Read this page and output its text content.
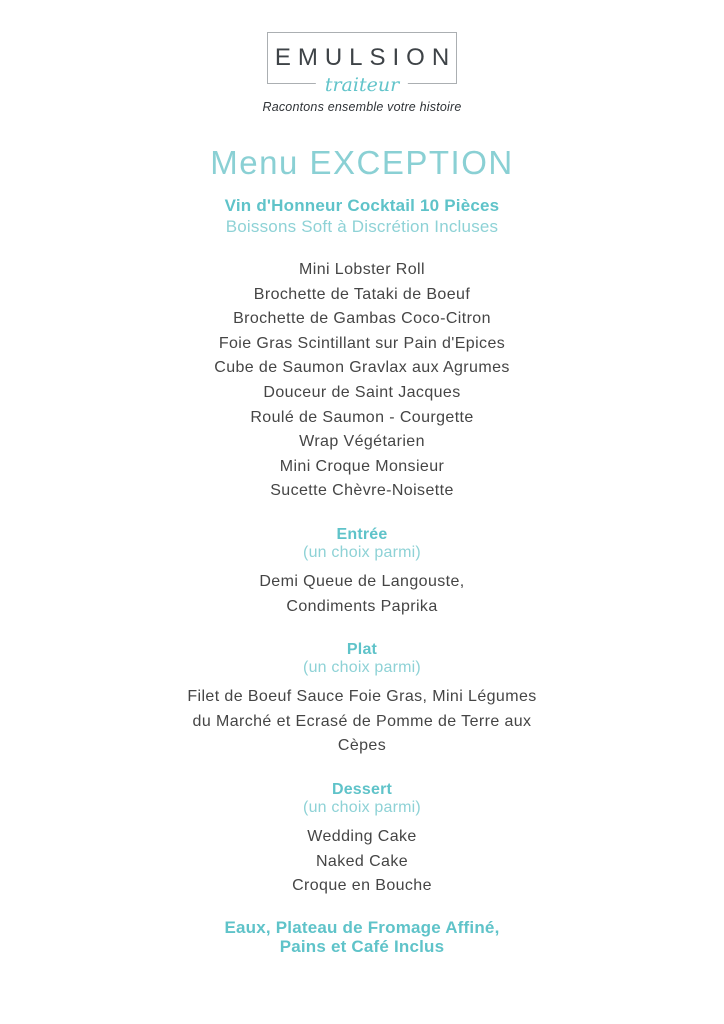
EMULSION
traiteur
Racontons ensemble votre histoire
Menu EXCEPTION
Vin d'Honneur Cocktail 10 Pièces
Boissons Soft à Discrétion Incluses
Mini Lobster Roll
Brochette de Tataki de Boeuf
Brochette de Gambas Coco-Citron
Foie Gras Scintillant sur Pain d'Epices
Cube de Saumon Gravlax aux Agrumes
Douceur de Saint Jacques
Roulé de Saumon - Courgette
Wrap Végétarien
Mini Croque Monsieur
Sucette Chèvre-Noisette
Entrée
(un choix parmi)
Demi Queue de Langouste,
Condiments Paprika
Plat
(un choix parmi)
Filet de Boeuf Sauce Foie Gras, Mini Légumes
du Marché et Ecrasé de Pomme de Terre aux
Cèpes
Dessert
(un choix parmi)
Wedding Cake
Naked Cake
Croque en Bouche
Eaux, Plateau de Fromage Affiné,
Pains et Café Inclus
